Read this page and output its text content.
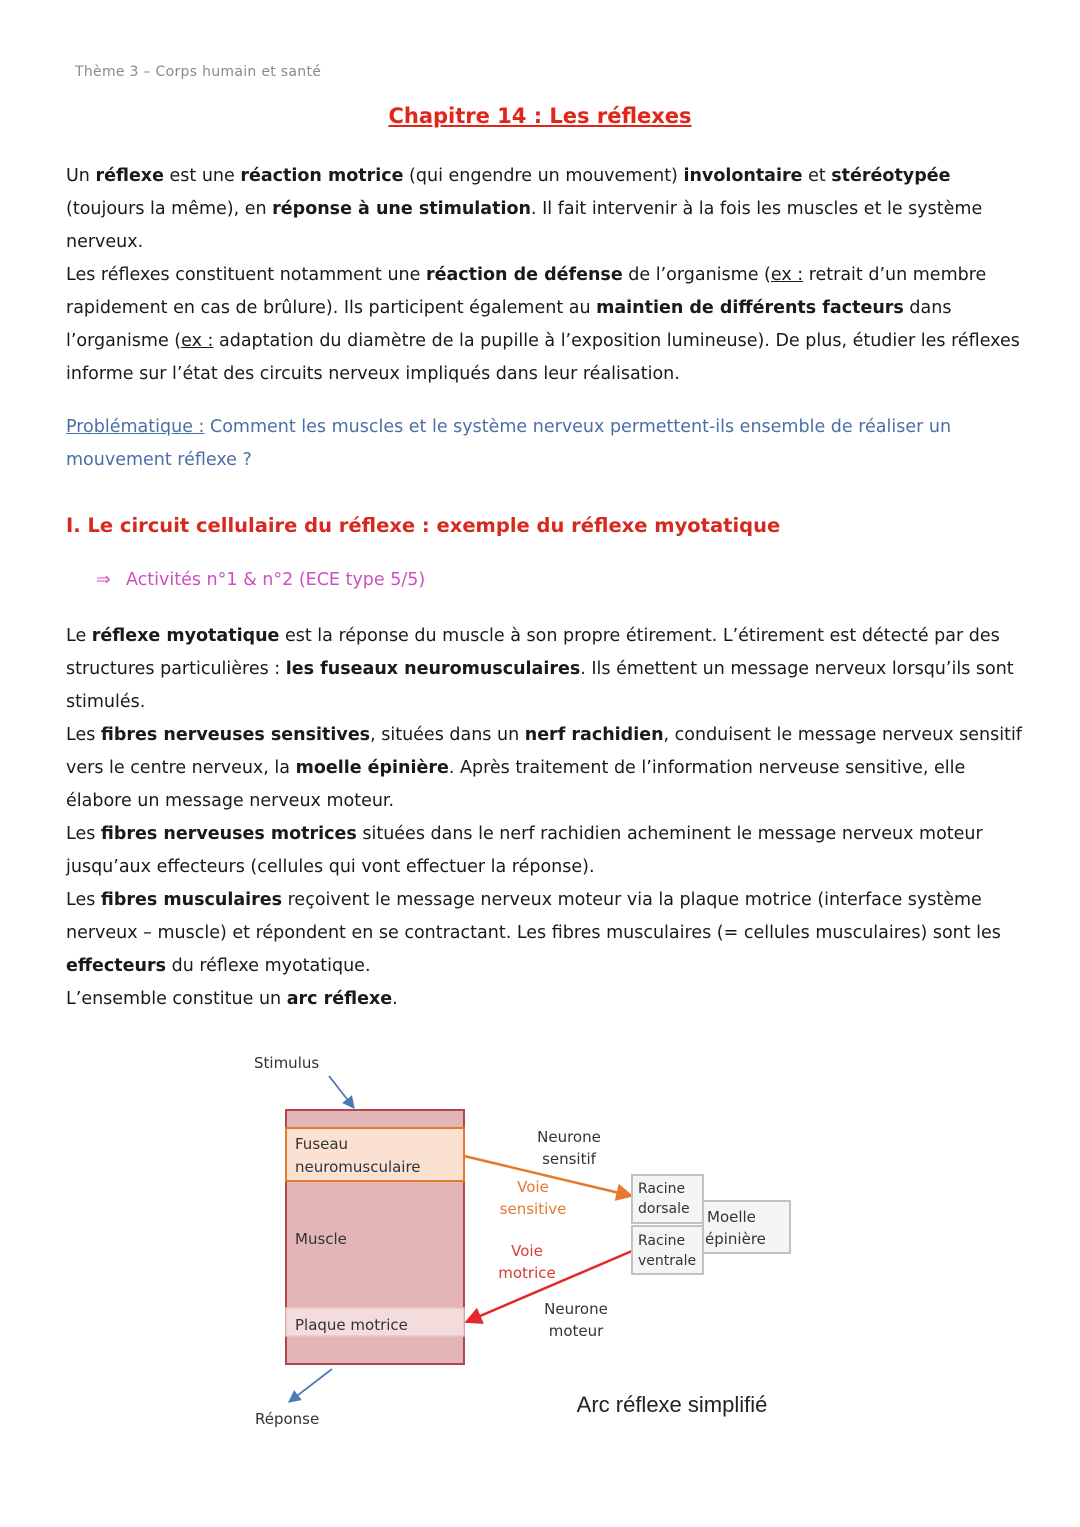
Thème 3 – Corps humain et santé
Chapitre 14 : Les réflexes

Un réflexe est une réaction motrice (qui engendre un mouvement) involontaire et stéréotypée (toujours la même), en réponse à une stimulation. Il fait intervenir à la fois les muscles et le système nerveux.

Les réflexes constituent notamment une réaction de défense de l’organisme (ex : retrait d’un membre rapidement en cas de brûlure). Ils participent également au maintien de différents facteurs dans l’organisme (ex : adaptation du diamètre de la pupille à l’exposition lumineuse). De plus, étudier les réflexes informe sur l’état des circuits nerveux impliqués dans leur réalisation.

Problématique : Comment les muscles et le système nerveux permettent-ils ensemble de réaliser un mouvement réflexe ?

I. Le circuit cellulaire du réflexe : exemple du réflexe myotatique
⇒ Activités n°1 & n°2 (ECE type 5/5)

Le réflexe myotatique est la réponse du muscle à son propre étirement. L’étirement est détecté par des structures particulières : les fuseaux neuromusculaires. Ils émettent un message nerveux lorsqu’ils sont stimulés.

Les fibres nerveuses sensitives, situées dans un nerf rachidien, conduisent le message nerveux sensitif vers le centre nerveux, la moelle épinière. Après traitement de l’information nerveuse sensitive, elle élabore un message nerveux moteur.

Les fibres nerveuses motrices situées dans le nerf rachidien acheminent le message nerveux moteur jusqu’aux effecteurs (cellules qui vont effectuer la réponse).

Les fibres musculaires reçoivent le message nerveux moteur via la plaque motrice (interface système nerveux – muscle) et répondent en se contractant. Les fibres musculaires (= cellules musculaires) sont les effecteurs du réflexe myotatique.

L’ensemble constitue un arc réflexe.

Fuseau
neuromusculaire
Muscle
Plaque motrice
Stimulus
Réponse
Neurone
sensitif
Voie
sensitive
Voie
motrice
Neurone
moteur
Racine
dorsale
Racine
ventrale
Moelle
épinière
Arc réflexe simplifié
